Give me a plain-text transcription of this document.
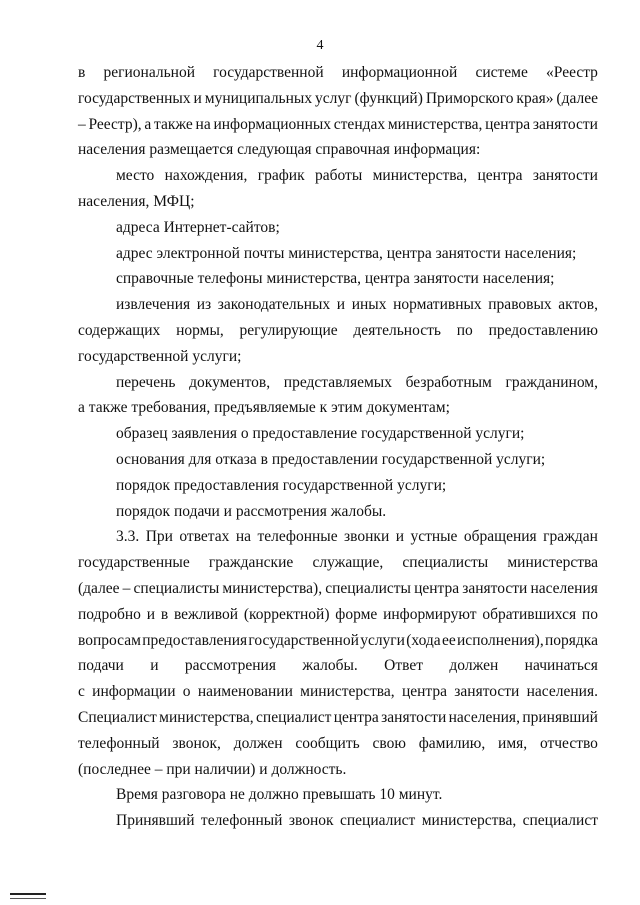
4
в региональной государственной информационной системе «Реестр
государственных и муниципальных услуг (функций) Приморского края» (далее
– Реестр), а также на информационных стендах министерства, центра занятости
населения размещается следующая справочная информация:
место нахождения, график работы министерства, центра занятости
населения, МФЦ;
адреса Интернет-сайтов;
адрес электронной почты министерства, центра занятости населения;
справочные телефоны министерства, центра занятости населения;
извлечения из законодательных и иных нормативных правовых актов,
содержащих нормы, регулирующие деятельность по предоставлению
государственной услуги;
перечень документов, представляемых безработным гражданином,
а также требования, предъявляемые к этим документам;
образец заявления о предоставление государственной услуги;
основания для отказа в предоставлении государственной услуги;
порядок предоставления государственной услуги;
порядок подачи и рассмотрения жалобы.
3.3. При ответах на телефонные звонки и устные обращения граждан
государственные гражданские служащие, специалисты министерства
(далее – специалисты министерства), специалисты центра занятости населения
подробно и в вежливой (корректной) форме информируют обратившихся по
вопросам предоставления государственной услуги (хода ее исполнения), порядка
подачи и рассмотрения жалобы. Ответ должен начинаться
с информации о наименовании министерства, центра занятости населения.
Специалист министерства, специалист центра занятости населения, принявший
телефонный звонок, должен сообщить свою фамилию, имя, отчество
(последнее – при наличии) и должность.
Время разговора не должно превышать 10 минут.
Принявший телефонный звонок специалист министерства, специалист
